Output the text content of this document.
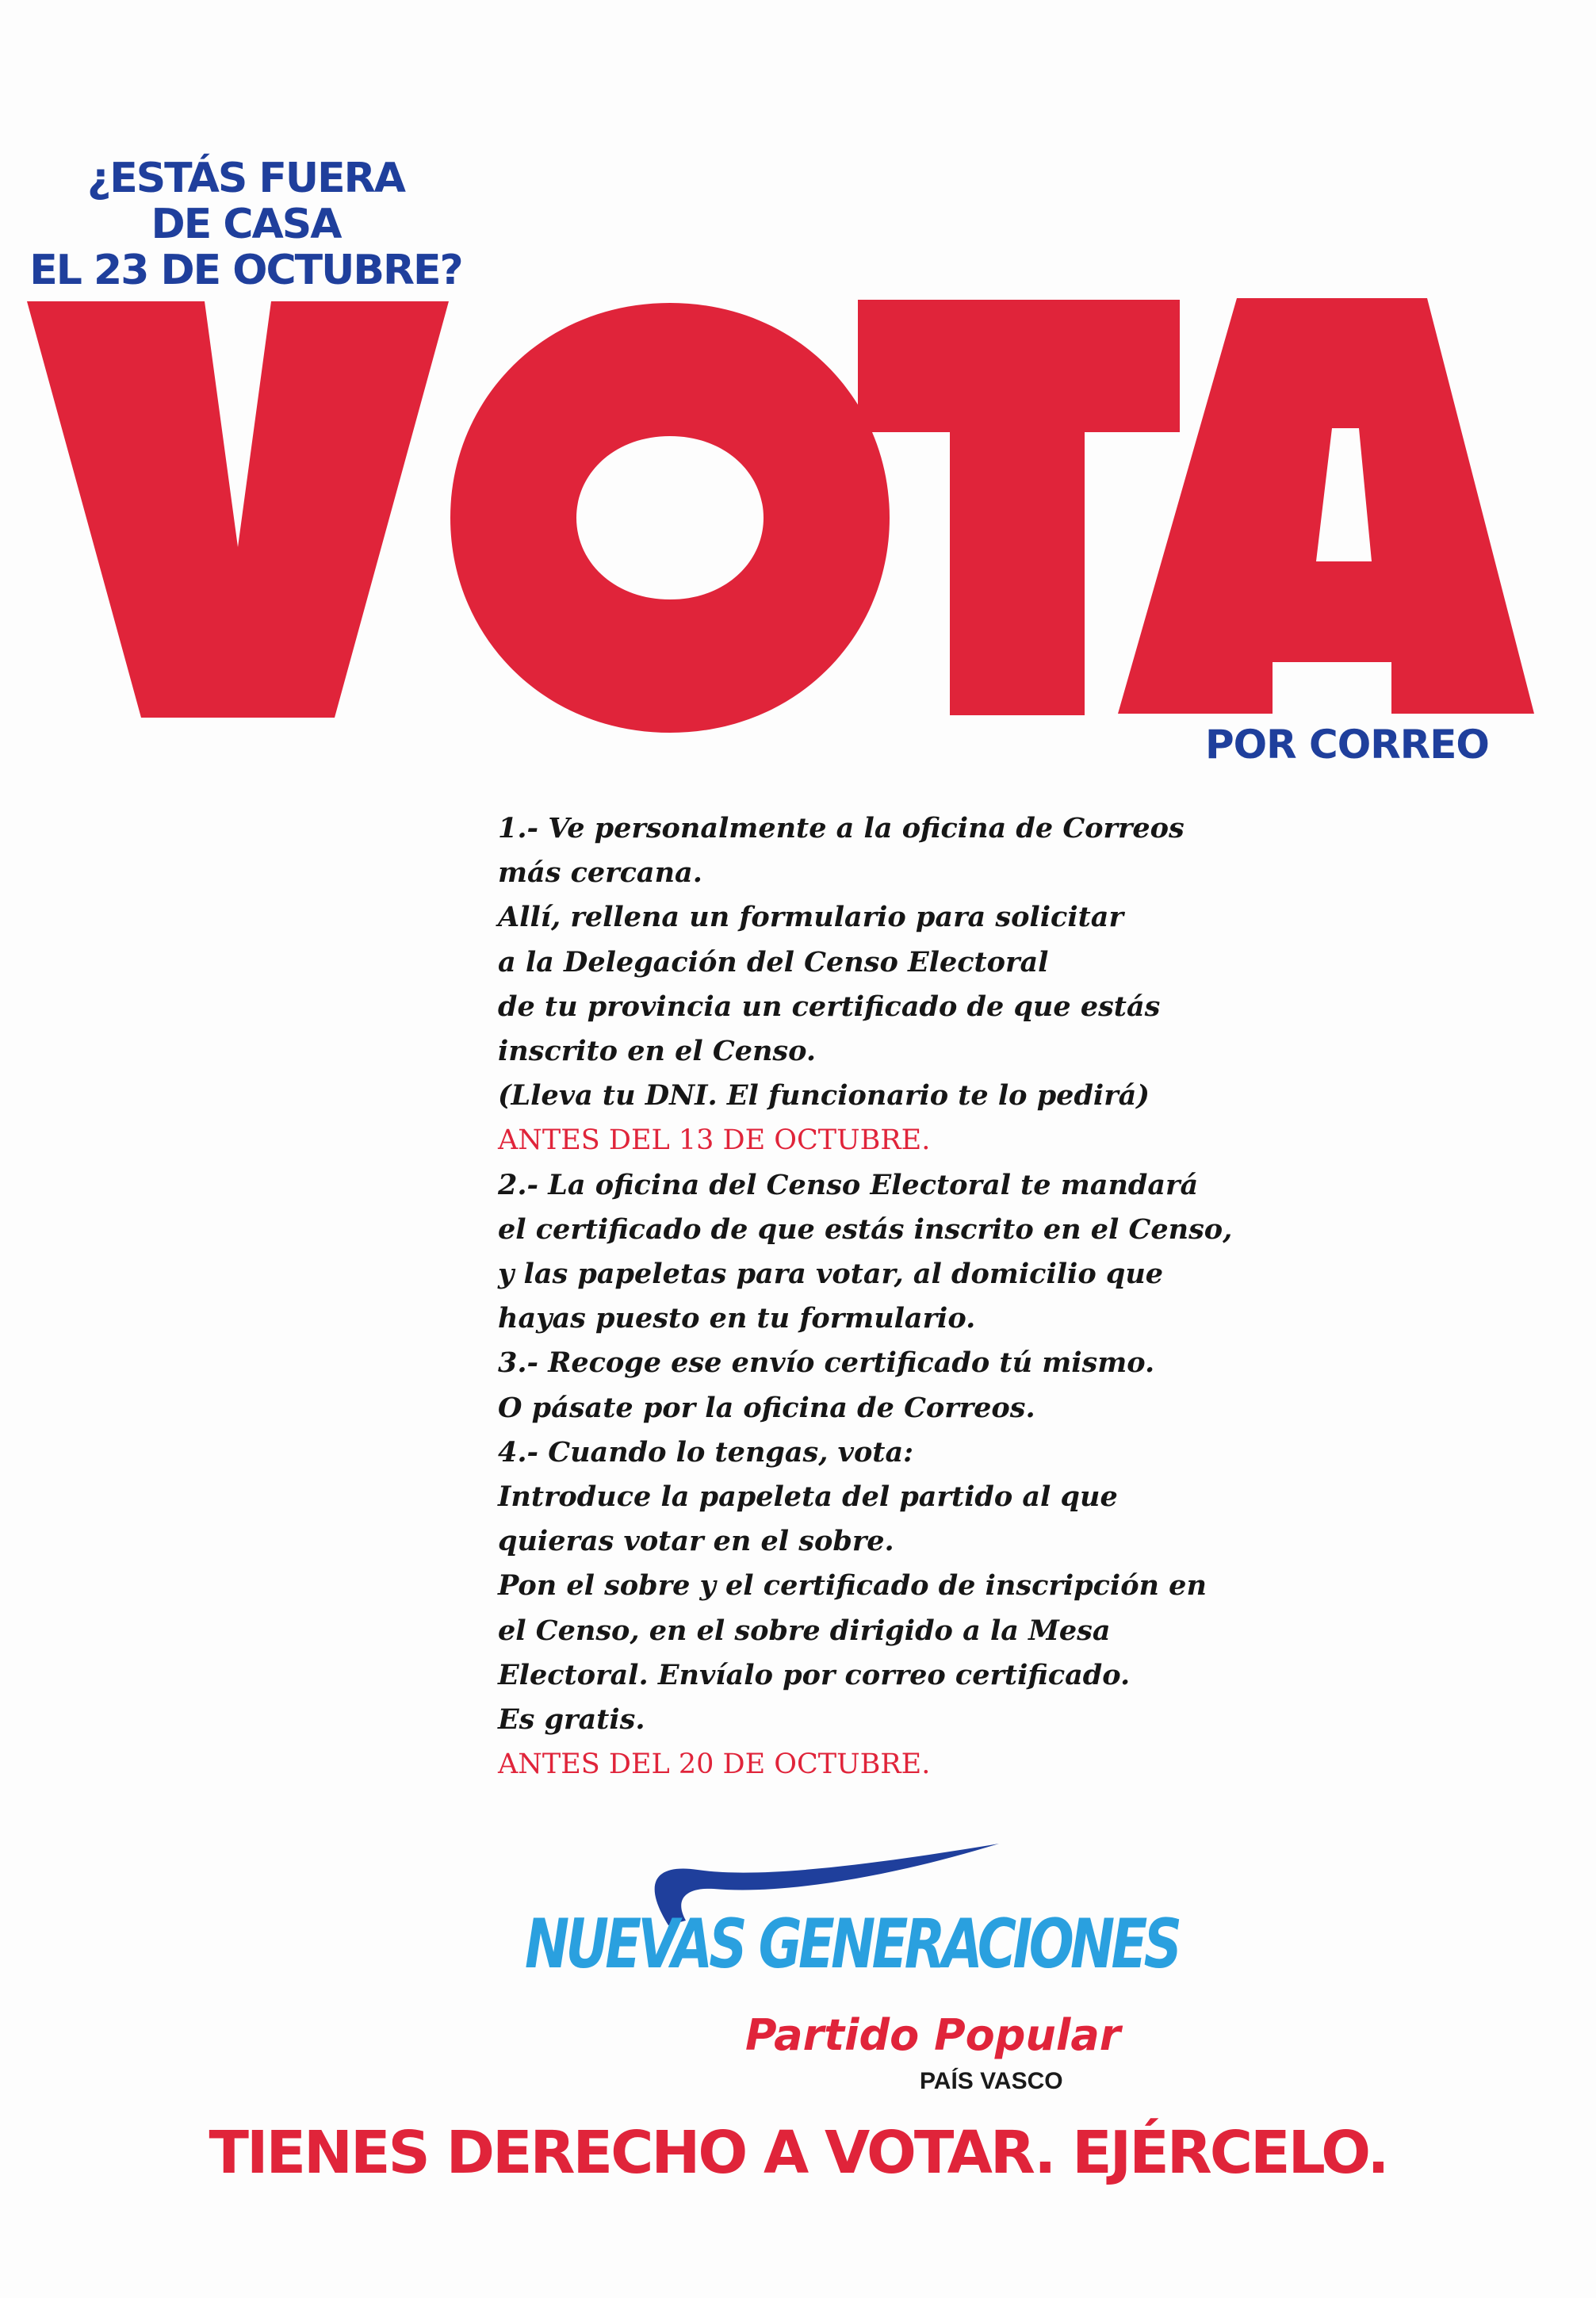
¿ESTÁS FUERA
DE CASA
EL 23 DE OCTUBRE?
POR CORREO
1.- Ve personalmente a la oficina de Correos
más cercana.
Allí, rellena un formulario para solicitar
a la Delegación del Censo Electoral
de tu provincia un certificado de que estás
inscrito en el Censo.
(Lleva tu DNI. El funcionario te lo pedirá)
ANTES DEL 13 DE OCTUBRE.
2.- La oficina del Censo Electoral te mandará
el certificado de que estás inscrito en el Censo,
y las papeletas para votar, al domicilio que
hayas puesto en tu formulario.
3.- Recoge ese envío certificado tú mismo.
O pásate por la oficina de Correos.
4.- Cuando lo tengas, vota:
Introduce la papeleta del partido al que
quieras votar en el sobre.
Pon el sobre y el certificado de inscripción en
el Censo, en el sobre dirigido a la Mesa
Electoral. Envíalo por correo certificado.
Es gratis.
ANTES DEL 20 DE OCTUBRE.
NUEVAS GENERACIONES
Partido Popular
PAÍS VASCO
TIENES DERECHO A VOTAR. EJÉRCELO.
